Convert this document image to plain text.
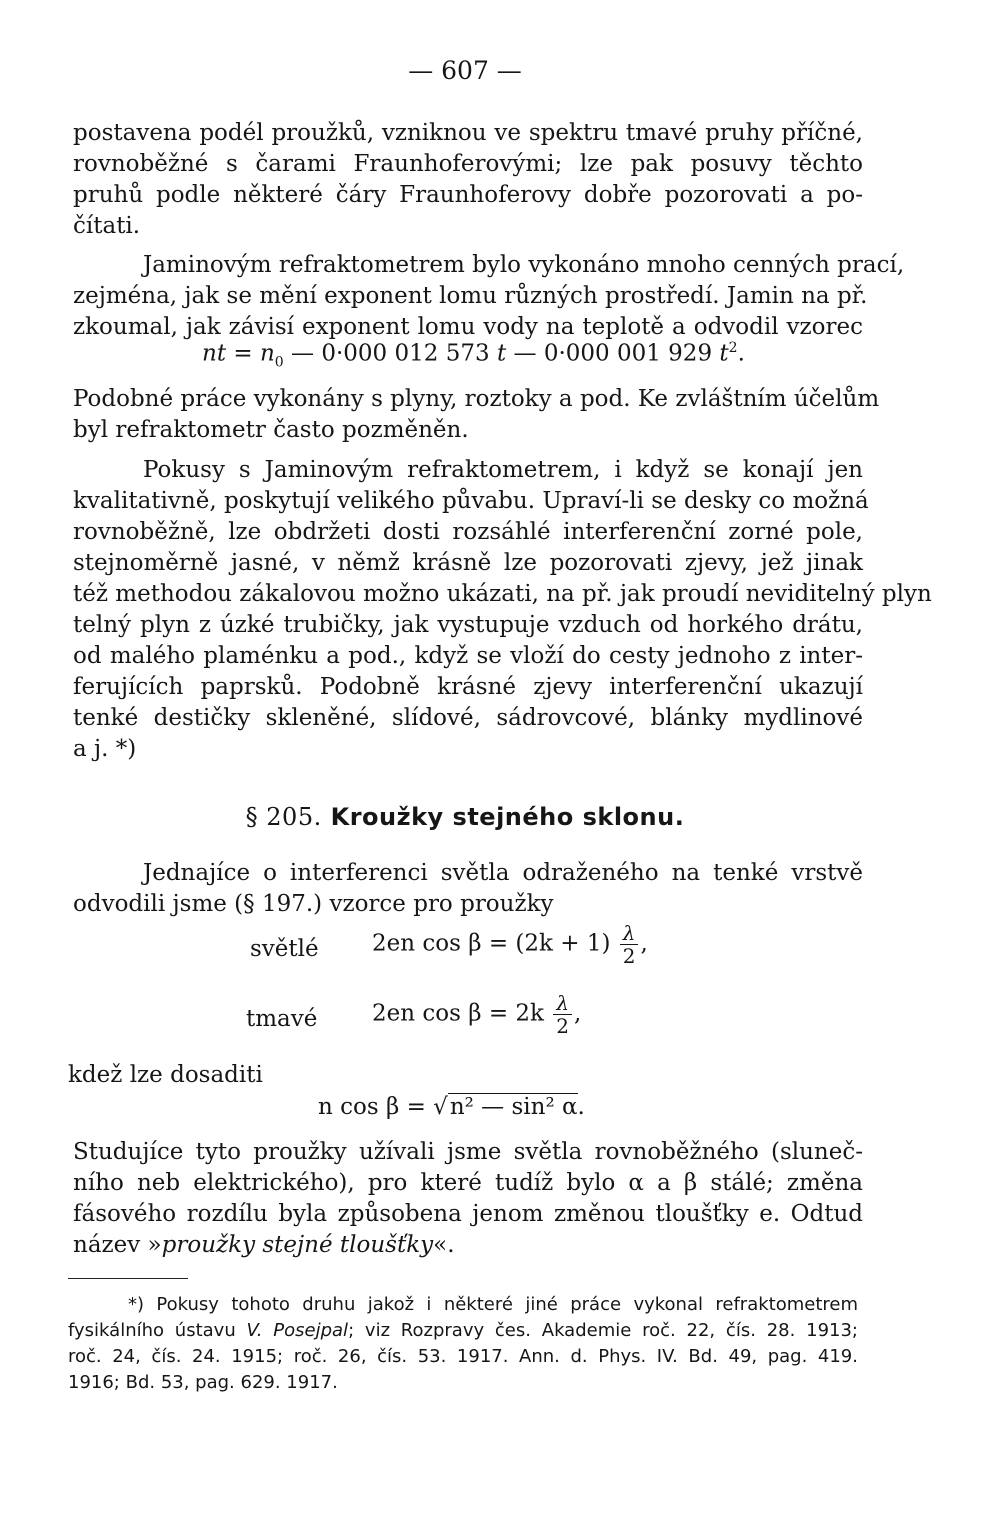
— 607 —
postavena podél proužků, vzniknou ve spektru tmavé pruhy příčné,
rovnoběžné s čarami Fraunhoferovými; lze pak posuvy těchto
pruhů podle některé čáry Fraunhoferovy dobře pozorovati a po-
čítati.
Jaminovým refraktometrem bylo vykonáno mnoho cenných prací,
zejména, jak se mění exponent lomu různých prostředí. Jamin na př.
zkoumal, jak závisí exponent lomu vody na teplotě a odvodil vzorec
nt = $n_0$ — 0·000 012 573 t — 0·000 001 929 $t^2$.
Podobné práce vykonány s plyny, roztoky a pod. Ke zvláštním účelům
byl refraktometr často pozměněn.
Pokusy s Jaminovým refraktometrem, i když se konají jen
kvalitativně, poskytují velikého půvabu. Upraví-li se desky co možná
rovnoběžně, lze obdržeti dosti rozsáhlé interferenční zorné pole,
stejnoměrně jasné, v němž krásně lze pozorovati zjevy, jež jinak
též methodou zákalovou možno ukázati, na př. jak proudí neviditelný plyn
telný plyn z úzké trubičky, jak vystupuje vzduch od horkého drátu,
od malého plaménku a pod., když se vloží do cesty jednoho z inter-
ferujících paprsků. Podobně krásné zjevy interferenční ukazují
tenké destičky skleněné, slídové, sádrovcové, blánky mydlinové
a j. *)
§ 205. Kroužky stejného sklonu.
Jednajíce o interferenci světla odraženého na tenké vrstvě
odvodili jsme (§ 197.) vzorce pro proužky
světlé 2en $\cos \beta = (2k + 1) \frac{\lambda}{2}$ ,
tmavé 2en $\cos \beta = 2k \frac{\lambda}{2}$ ,
kdež lze dosaditi
n cos β = √n² — sin² α.
Studujíce tyto proužky užívali jsme světla rovnoběžného (sluneč-
ního neb elektrického), pro které tudíž bylo α a β stálé; změna
fásového rozdílu byla způsobena jenom změnou tloušťky e. Odtud
název »proužky stejné tloušťky«.
*) Pokusy tohoto druhu jakož i některé jiné práce vykonal refraktometrem
fysikálního ústavu V. Posejpal; viz Rozpravy čes. Akademie roč. 22, čís. 28. 1913;
roč. 24, čís. 24. 1915; roč. 26, čís. 53. 1917. Ann. d. Phys. IV. Bd. 49, pag. 419.
1916; Bd. 53, pag. 629. 1917.
